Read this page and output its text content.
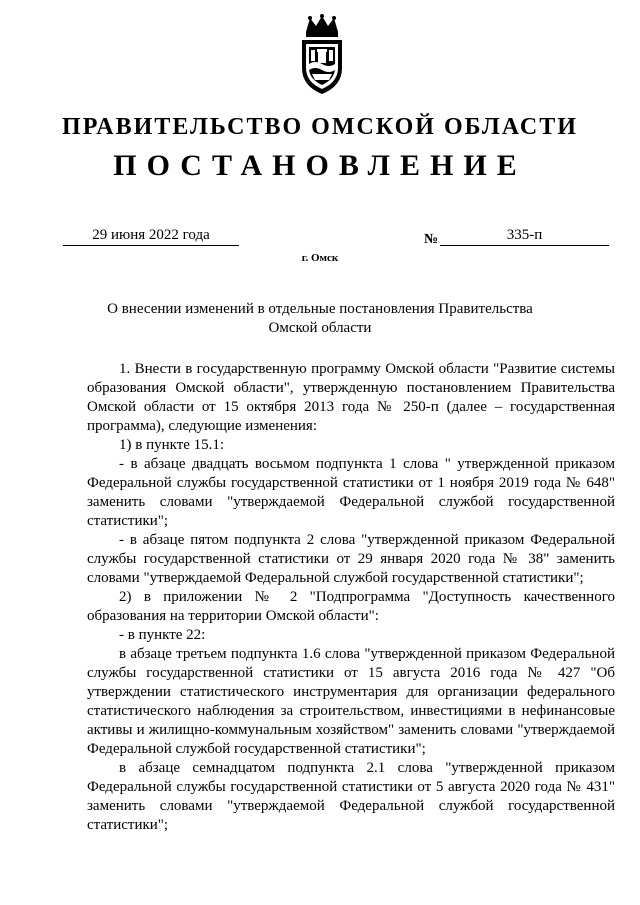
ПРАВИТЕЛЬСТВО ОМСКОЙ ОБЛАСТИ
ПОСТАНОВЛЕНИЕ
29 июня 2022 года	№	335-п
г. Омск
О внесении изменений в отдельные постановления Правительства Омской области

1. Внести в государственную программу Омской области "Развитие системы образования Омской области", утвержденную постановлением Правительства Омской области от 15 октября 2013 года № 250-п (далее – государственная программа), следующие изменения:

1) в пункте 15.1:

- в абзаце двадцать восьмом подпункта 1 слова " утвержденной приказом Федеральной службы государственной статистики от 1 ноября 2019 года № 648" заменить словами "утверждаемой Федеральной службой государственной статистики";

- в абзаце пятом подпункта 2 слова "утвержденной приказом Федеральной службы государственной статистики от 29 января 2020 года № 38" заменить словами "утверждаемой Федеральной службой государственной статистики";

2) в приложении № 2 "Подпрограмма "Доступность качественного образования на территории Омской области":

- в пункте 22:

в абзаце третьем подпункта 1.6 слова "утвержденной приказом Федеральной службы государственной статистики от 15 августа 2016 года № 427 "Об утверждении статистического инструментария для организации федерального статистического наблюдения за строительством, инвестициями в нефинансовые активы и жилищно-коммунальным хозяйством" заменить словами "утверждаемой Федеральной службой государственной статистики";

в абзаце семнадцатом подпункта 2.1 слова "утвержденной приказом Федеральной службы государственной статистики от 5 августа 2020 года № 431" заменить словами "утверждаемой Федеральной службой государственной статистики";
